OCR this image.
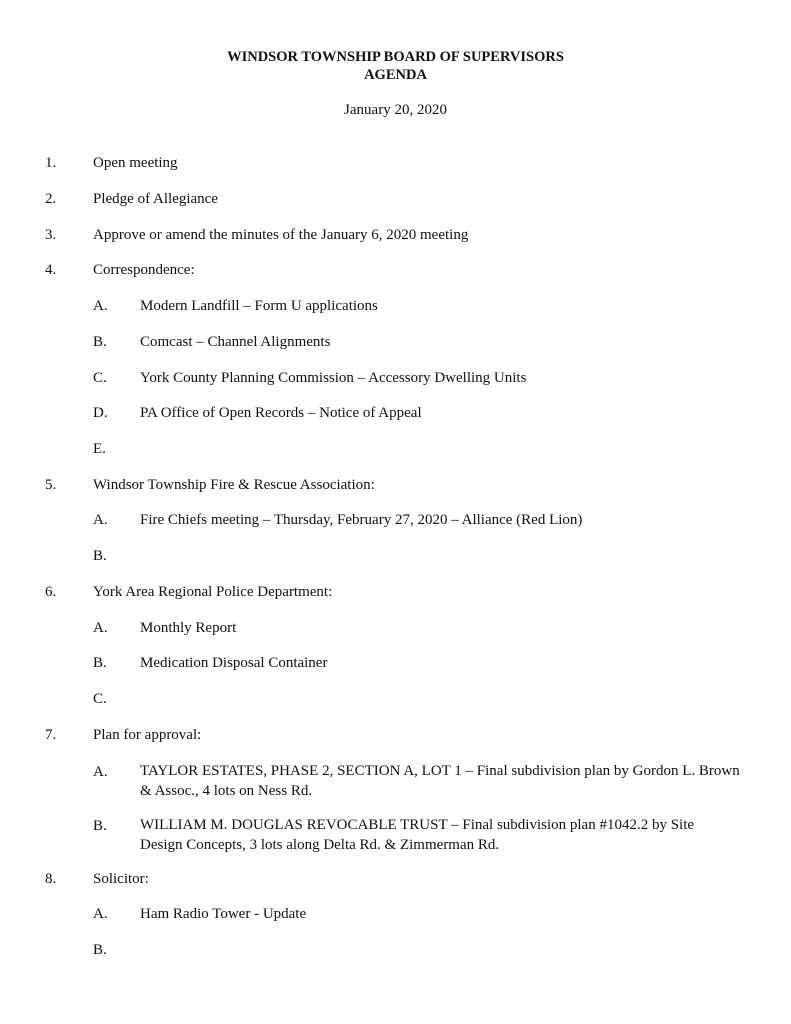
WINDSOR TOWNSHIP BOARD OF SUPERVISORS
AGENDA
January 20, 2020
1. Open meeting
2. Pledge of Allegiance
3. Approve or amend the minutes of the January 6, 2020 meeting
4. Correspondence:
A. Modern Landfill – Form U applications
B. Comcast – Channel Alignments
C. York County Planning Commission – Accessory Dwelling Units
D. PA Office of Open Records – Notice of Appeal
E.
5. Windsor Township Fire & Rescue Association:
A. Fire Chiefs meeting – Thursday, February 27, 2020 – Alliance (Red Lion)
B.
6. York Area Regional Police Department:
A. Monthly Report
B. Medication Disposal Container
C.
7. Plan for approval:
A. TAYLOR ESTATES, PHASE 2, SECTION A, LOT 1 – Final subdivision plan by Gordon L. Brown & Assoc., 4 lots on Ness Rd.
B. WILLIAM M. DOUGLAS REVOCABLE TRUST – Final subdivision plan #1042.2 by Site Design Concepts, 3 lots along Delta Rd. & Zimmerman Rd.
8. Solicitor:
A. Ham Radio Tower - Update
B.
